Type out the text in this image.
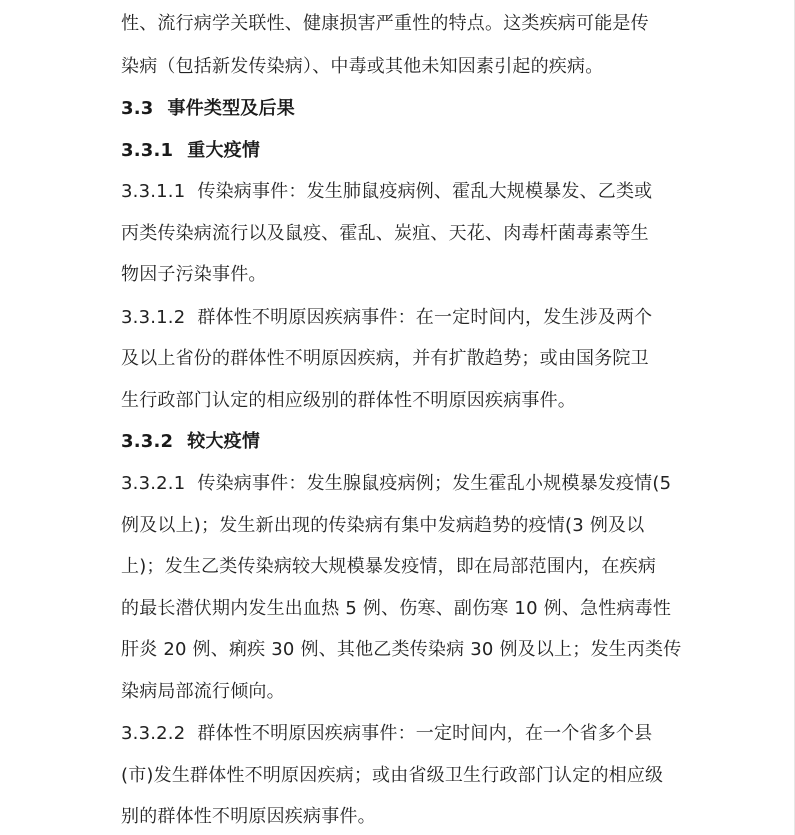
性、流行病学关联性、健康损害严重性的特点。这类疾病可能是传
染病（包括新发传染病）、中毒或其他未知因素引起的疾病。
3.3 事件类型及后果
3.3.1 重大疫情
3.3.1.1 传染病事件：发生肺鼠疫病例、霍乱大规模暴发、乙类或
丙类传染病流行以及鼠疫、霍乱、炭疽、天花、肉毒杆菌毒素等生
物因子污染事件。
3.3.1.2 群体性不明原因疾病事件：在一定时间内，发生涉及两个
及以上省份的群体性不明原因疾病，并有扩散趋势；或由国务院卫
生行政部门认定的相应级别的群体性不明原因疾病事件。
3.3.2 较大疫情
3.3.2.1 传染病事件：发生腺鼠疫病例；发生霍乱小规模暴发疫情(5
例及以上)；发生新出现的传染病有集中发病趋势的疫情(3 例及以
上)；发生乙类传染病较大规模暴发疫情，即在局部范围内，在疾病
的最长潜伏期内发生出血热 5 例、伤寒、副伤寒 10 例、急性病毒性
肝炎 20 例、痢疾 30 例、其他乙类传染病 30 例及以上；发生丙类传
染病局部流行倾向。
3.3.2.2 群体性不明原因疾病事件：一定时间内，在一个省多个县
(市)发生群体性不明原因疾病；或由省级卫生行政部门认定的相应级
别的群体性不明原因疾病事件。
